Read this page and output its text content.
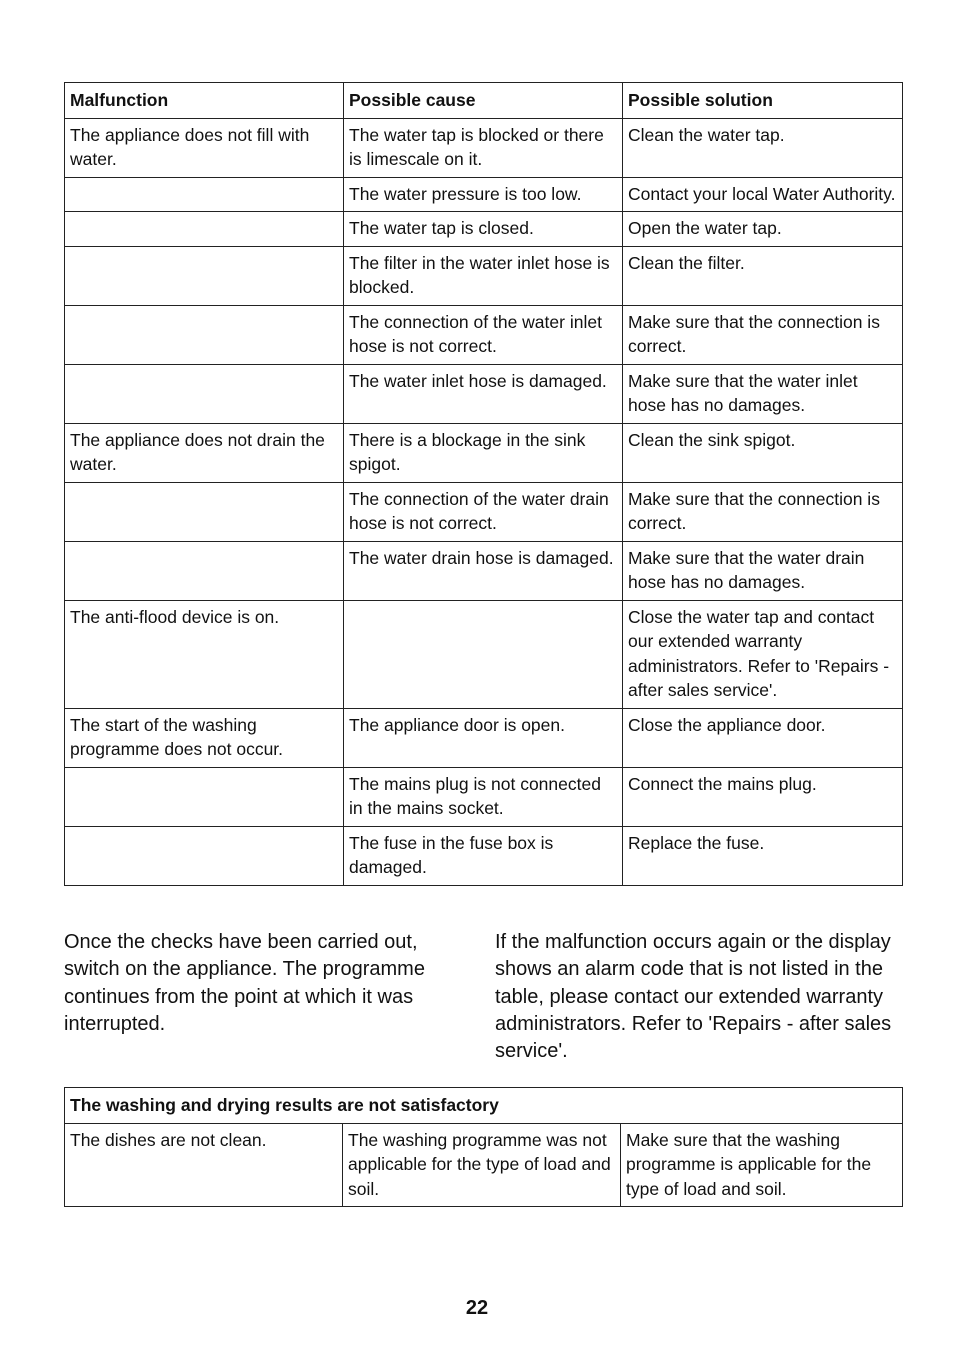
Malfunction	Possible cause	Possible solution
The appliance does not fill with water.	The water tap is blocked or there is limescale on it.	Clean the water tap.
	The water pressure is too low.	Contact your local Water Authority.
	The water tap is closed.	Open the water tap.
	The filter in the water inlet hose is blocked.	Clean the filter.
	The connection of the water inlet hose is not correct.	Make sure that the connection is correct.
	The water inlet hose is damaged.	Make sure that the water inlet hose has no damages.
The appliance does not drain the water.	There is a blockage in the sink spigot.	Clean the sink spigot.
	The connection of the water drain hose is not correct.	Make sure that the connection is correct.
	The water drain hose is damaged.	Make sure that the water drain hose has no damages.
The anti-flood device is on.		Close the water tap and contact our extended warranty administrators. Refer to 'Repairs - after sales service'.
The start of the washing programme does not occur.	The appliance door is open.	Close the appliance door.
	The mains plug is not connected in the mains socket.	Connect the mains plug.
	The fuse in the fuse box is damaged.	Replace the fuse.
Once the checks have been carried out, switch on the appliance. The programme continues from the point at which it was interrupted.
If the malfunction occurs again or the display shows an alarm code that is not listed in the table, please contact our extended warranty administrators. Refer to 'Repairs - after sales service'.
The washing and drying results are not satisfactory
The dishes are not clean.	The washing programme was not applicable for the type of load and soil.	Make sure that the washing programme is applicable for the type of load and soil.
22
